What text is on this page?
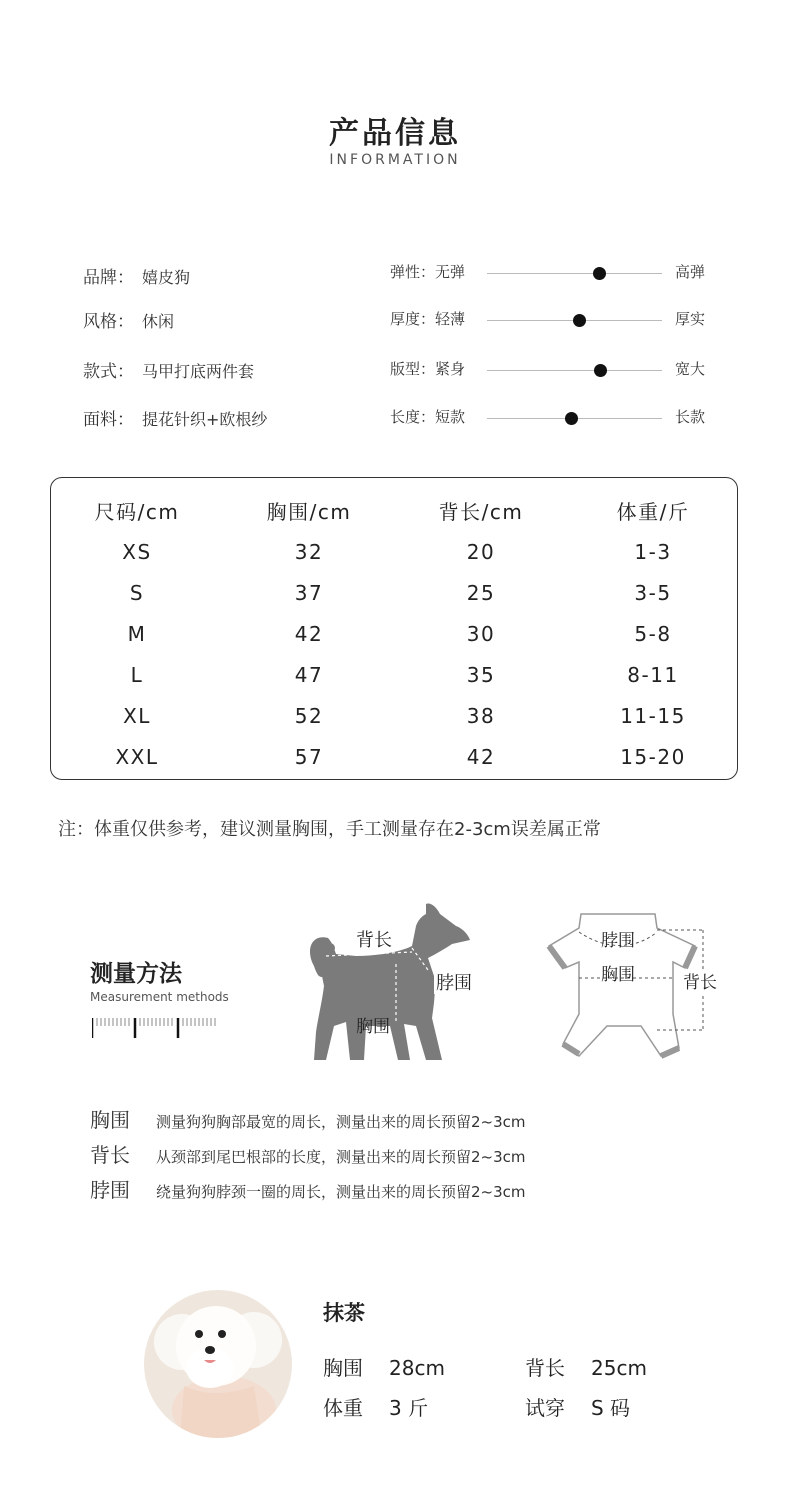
产品信息
INFORMATION
品牌： 嬉皮狗
风格： 休闲
款式： 马甲打底两件套
面料： 提花针织+欧根纱
弹性：无弹	高弹
厚度：轻薄	厚实
版型：紧身	宽大
长度：短款	长款
尺码/cm	胸围/cm	背长/cm	体重/斤
XS	32	20	1-3
S	37	25	3-5
M	42	30	5-8
L	47	35	8-11
XL	52	38	11-15
XXL	57	42	15-20
注：体重仅供参考，建议测量胸围，手工测量存在2-3cm误差属正常
测量方法
Measurement methods
背长
脖围
胸围
脖围
胸围	背长
胸围 测量狗狗胸部最宽的周长，测量出来的周长预留2~3cm
背长 从颈部到尾巴根部的长度，测量出来的周长预留2~3cm
脖围 绕量狗狗脖颈一圈的周长，测量出来的周长预留2~3cm
抹茶
胸围 28cm	背长 25cm
体重 3 斤	试穿 S 码
